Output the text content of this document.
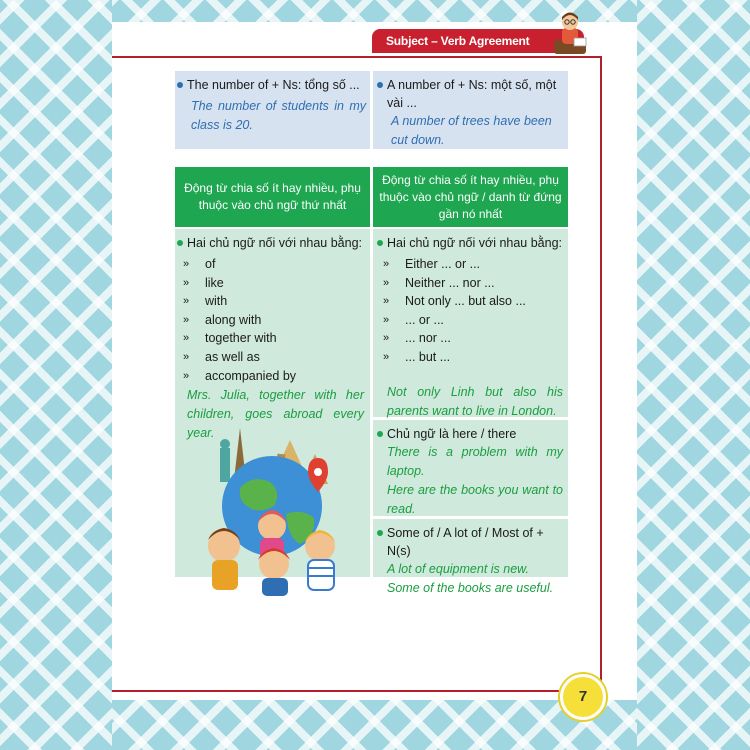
Subject – Verb Agreement
The number of + Ns: tổng số ...
The number of students in my class is 20.
A number of + Ns: một số, một vài ...
A number of trees have been cut down.
Động từ chia số ít hay nhiều, phụ thuộc vào chủ ngữ thứ nhất
Động từ chia số ít hay nhiều, phụ thuộc vào chủ ngữ / danh từ đứng gần nó nhất
Hai chủ ngữ nối với nhau bằng:
»	of
»	like
»	with
»	along with
»	together with
»	as well as
»	accompanied by
Mrs. Julia, together with her children, goes abroad every year.
Hai chủ ngữ nối với nhau bằng:
»	Either ... or ...
»	Neither ... nor ...
»	Not only ... but also ...
»	... or ...
»	... nor ...
»	... but ...
Not only Linh but also his parents want to live in London.
Chủ ngữ là here / there
There is a problem with my laptop.
Here are the books you want to read.
Some of / A lot of / Most of + N(s)
A lot of equipment is new.
Some of the books are useful.
7
